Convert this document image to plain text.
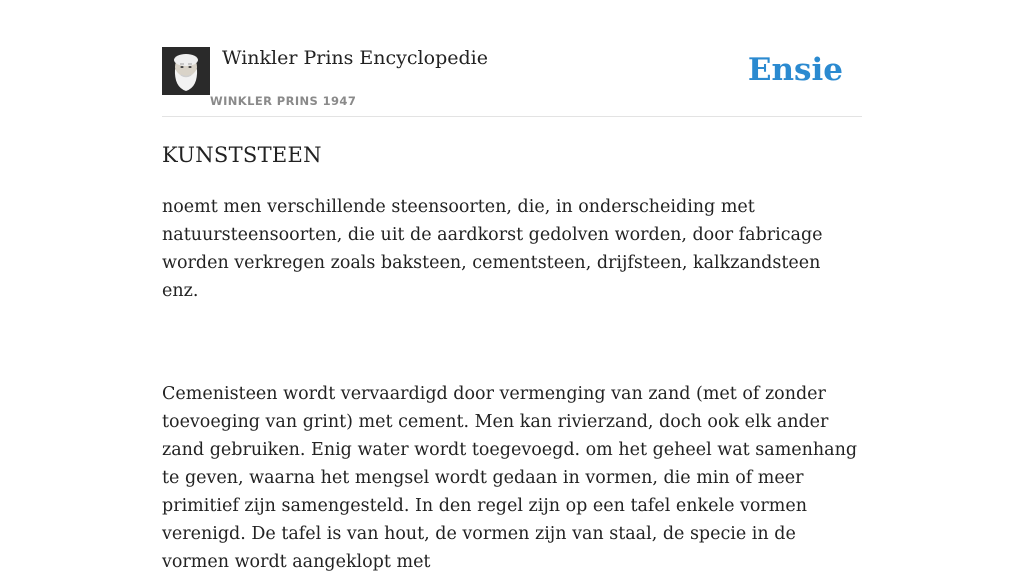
Winkler Prins Encyclopedie
WINKLER PRINS 1947
Ensie
KUNSTSTEEN

noemt men verschillende steensoorten, die, in onderscheiding met natuursteensoorten, die uit de aardkorst gedolven worden, door fabricage worden verkregen zoals baksteen, cementsteen, drijfsteen, kalkzandsteen enz.

Cemenisteen wordt vervaardigd door vermenging van zand (met of zonder toevoeging van grint) met cement. Men kan rivierzand, doch ook elk ander zand gebruiken. Enig water wordt toegevoegd. om het geheel wat samenhang te geven, waarna het mengsel wordt gedaan in vormen, die min of meer primitief zijn samengesteld. In den regel zijn op een tafel enkele vormen verenigd. De tafel is van hout, de vormen zijn van staal, de specie in de vormen wordt aangeklopt met
